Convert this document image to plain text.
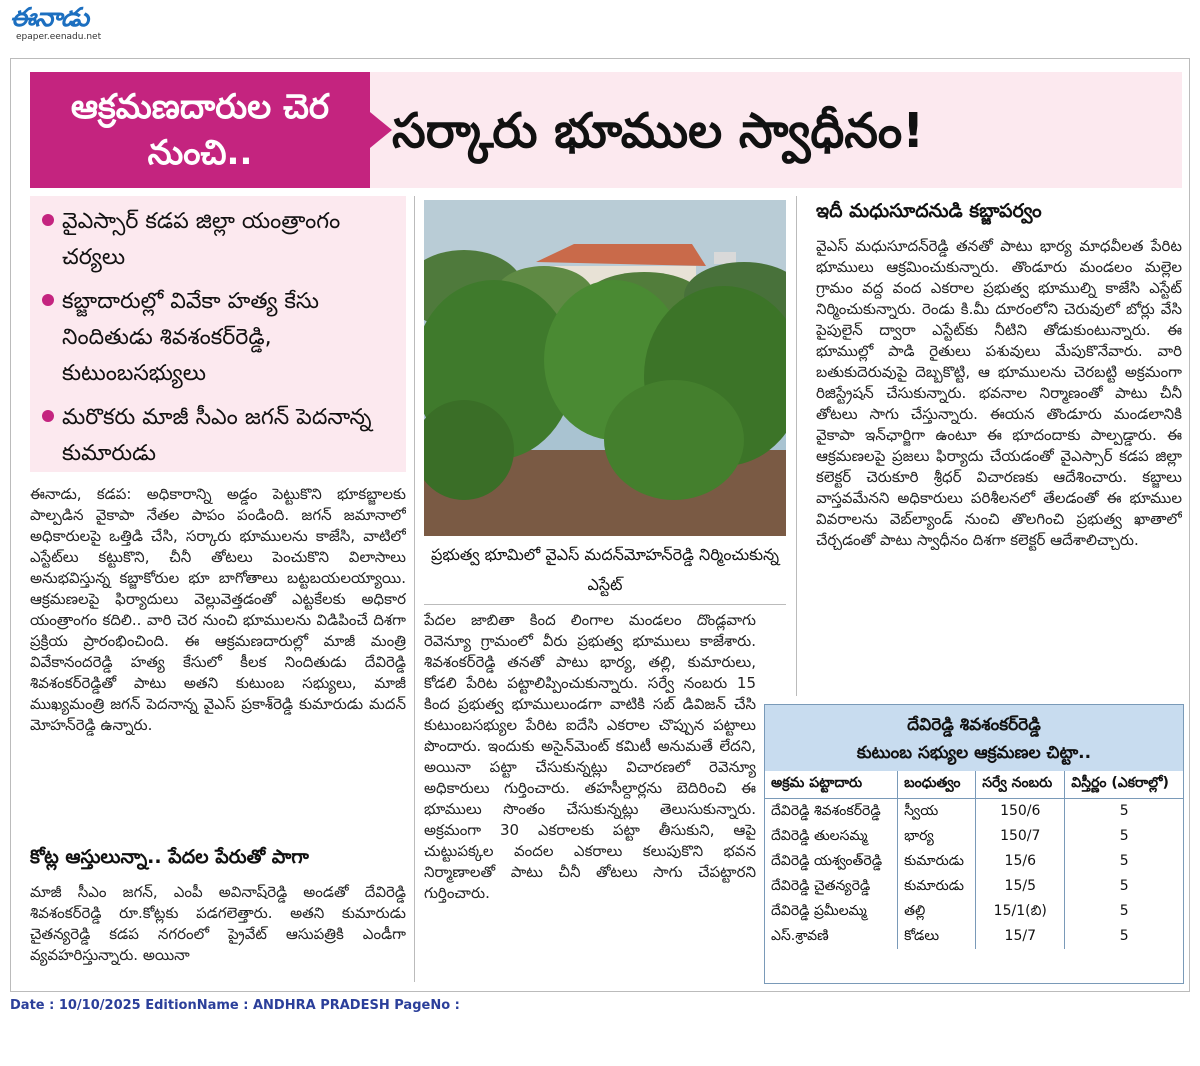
ఈనాడు
epaper.eenadu.net
ఆక్రమణదారుల చెర నుంచి..	సర్కారు భూముల స్వాధీనం!
వైఎస్సార్ కడప జిల్లా యంత్రాంగం చర్యలు
కబ్జాదారుల్లో వివేకా హత్య కేసు నిందితుడు శివశంకర్‌రెడ్డి, కుటుంబసభ్యులు
మరొకరు మాజీ సీఎం జగన్ పెదనాన్న కుమారుడు

ఈనాడు, కడప: అధికారాన్ని అడ్డం పెట్టుకొని భూకబ్జాలకు పాల్పడిన వైకాపా నేతల పాపం పండింది. జగన్ జమానాలో అధికారులపై ఒత్తిడి చేసి, సర్కారు భూములను కాజేసి, వాటిలో ఎస్టేట్‌లు కట్టుకొని, చీనీ తోటలు పెంచుకొని విలాసాలు అనుభవిస్తున్న కబ్జాకోరుల భూ బాగోతాలు బట్టబయలయ్యాయి. ఆక్రమణలపై ఫిర్యాదులు వెల్లువెత్తడంతో ఎట్టకేలకు అధికార యంత్రాంగం కదిలి.. వారి చెర నుంచి భూములను విడిపించే దిశగా ప్రక్రియ ప్రారంభించింది. ఈ ఆక్రమణదారుల్లో మాజీ మంత్రి వివేకానందరెడ్డి హత్య కేసులో కీలక నిందితుడు దేవిరెడ్డి శివశంకర్‌రెడ్డితో పాటు అతని కుటుంబ సభ్యులు, మాజీ ముఖ్యమంత్రి జగన్ పెదనాన్న వైఎస్ ప్రకాశ్‌రెడ్డి కుమారుడు మదన్ మోహన్‌రెడ్డి ఉన్నారు.

కోట్ల ఆస్తులున్నా.. పేదల పేరుతో పాగా

మాజీ సీఎం జగన్, ఎంపీ అవినాష్‌రెడ్డి అండతో దేవిరెడ్డి శివశంకర్‌రెడ్డి రూ.కోట్లకు పడగలెత్తారు. అతని కుమారుడు చైతన్యరెడ్డి కడప నగరంలో ప్రైవేట్ ఆసుపత్రికి ఎండీగా వ్యవహరిస్తున్నారు. అయినా

ప్రభుత్వ భూమిలో వైఎస్ మదన్‌మోహన్‌రెడ్డి నిర్మించుకున్న ఎస్టేట్

పేదల జాబితా కింద లింగాల మండలం దొండ్లవాగు రెవెన్యూ గ్రామంలో వీరు ప్రభుత్వ భూములు కాజేశారు. శివశంకర్‌రెడ్డి తనతో పాటు భార్య, తల్లి, కుమారులు, కోడలి పేరిట పట్టాలిప్పించుకున్నారు. సర్వే నంబరు 15 కింద ప్రభుత్వ భూములుండగా వాటికి సబ్ డివిజన్ చేసి కుటుంబసభ్యుల పేరిట ఐదేసి ఎకరాల చొప్పున పట్టాలు పొందారు. ఇందుకు అసైన్‌మెంట్ కమిటీ అనుమతే లేదని, అయినా పట్టా చేసుకున్నట్లు విచారణలో రెవెన్యూ అధికారులు గుర్తించారు. తహసీల్దార్లను బెదిరించి ఈ భూములు సొంతం చేసుకున్నట్లు తెలుసుకున్నారు. అక్రమంగా 30 ఎకరాలకు పట్టా తీసుకుని, ఆపై చుట్టుపక్కల వందల ఎకరాలు కలుపుకొని భవన నిర్మాణాలతో పాటు చీనీ తోటలు సాగు చేపట్టారని గుర్తించారు.

ఇదీ మధుసూదనుడి కబ్జాపర్వం

వైఎస్ మధుసూదన్‌రెడ్డి తనతో పాటు భార్య మాధవీలత పేరిట భూములు ఆక్రమించుకున్నారు. తొండూరు మండలం మల్లెల గ్రామం వద్ద వంద ఎకరాల ప్రభుత్వ భూముల్ని కాజేసి ఎస్టేట్ నిర్మించుకున్నారు. రెండు కి.మీ దూరంలోని చెరువులో బోర్లు వేసి పైపులైన్ ద్వారా ఎస్టేట్‌కు నీటిని తోడుకుంటున్నారు. ఈ భూముల్లో పాడి రైతులు పశువులు మేపుకొనేవారు. వారి బతుకుదెరువుపై దెబ్బకొట్టి, ఆ భూములను చెరబట్టి అక్రమంగా రిజిస్ట్రేషన్ చేసుకున్నారు. భవనాల నిర్మాణంతో పాటు చీనీ తోటలు సాగు చేస్తున్నారు. ఈయన తొండూరు మండలానికి వైకాపా ఇన్‌ఛార్జిగా ఉంటూ ఈ భూదందాకు పాల్పడ్డారు. ఈ ఆక్రమణలపై ప్రజలు ఫిర్యాదు చేయడంతో వైఎస్సార్ కడప జిల్లా కలెక్టర్ చెరుకూరి శ్రీధర్ విచారణకు ఆదేశించారు. కబ్జాలు వాస్తవమేనని అధికారులు పరిశీలనలో తేలడంతో ఈ భూముల వివరాలను వెబ్‌ల్యాండ్ నుంచి తొలగించి ప్రభుత్వ ఖాతాలో చేర్చడంతో పాటు స్వాధీనం దిశగా కలెక్టర్ ఆదేశాలిచ్చారు.

దేవిరెడ్డి శివశంకర్‌రెడ్డి
కుటుంబ సభ్యుల ఆక్రమణల చిట్టా..
అక్రమ పట్టాదారు	బంధుత్వం	సర్వే నంబరు	విస్తీర్ణం (ఎకరాల్లో)
దేవిరెడ్డి శివశంకర్‌రెడ్డి	స్వీయ	150/6	5
దేవిరెడ్డి తులసమ్మ	భార్య	150/7	5
దేవిరెడ్డి యశ్వంత్‌రెడ్డి	కుమారుడు	15/6	5
దేవిరెడ్డి చైతన్యరెడ్డి	కుమారుడు	15/5	5
దేవిరెడ్డి ప్రమీలమ్మ	తల్లి	15/1(బి)	5
ఎస్.శ్రావణి	కోడలు	15/7	5
Date : 10/10/2025 EditionName : ANDHRA PRADESH PageNo :
